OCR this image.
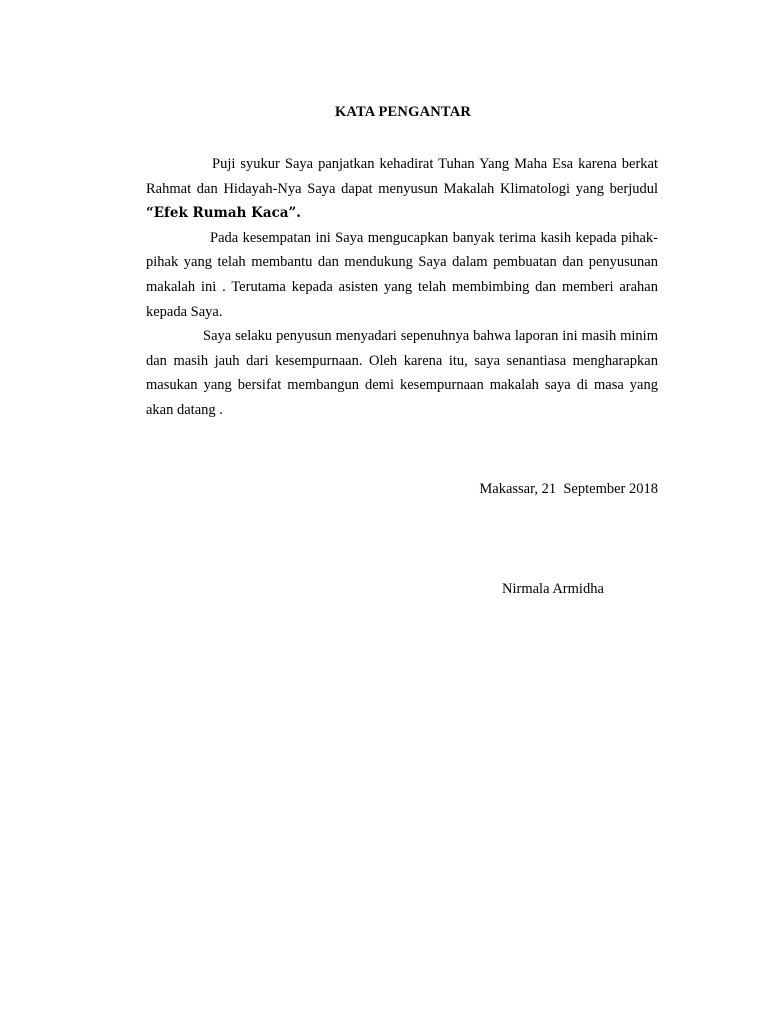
KATA PENGANTAR

Puji syukur Saya panjatkan kehadirat Tuhan Yang Maha Esa karena berkat Rahmat dan Hidayah-Nya Saya dapat menyusun Makalah Klimatologi yang berjudul “Efek Rumah Kaca”.

Pada kesempatan ini Saya mengucapkan banyak terima kasih kepada pihak- pihak yang telah membantu dan mendukung Saya dalam pembuatan dan penyusunan makalah ini . Terutama kepada asisten yang telah membimbing dan memberi arahan kepada Saya.

Saya selaku penyusun menyadari sepenuhnya bahwa laporan ini masih minim dan masih jauh dari kesempurnaan. Oleh karena itu, saya senantiasa mengharapkan masukan yang bersifat membangun demi kesempurnaan makalah saya di masa yang akan datang .

Makassar, 21  September 2018
Nirmala Armidha
